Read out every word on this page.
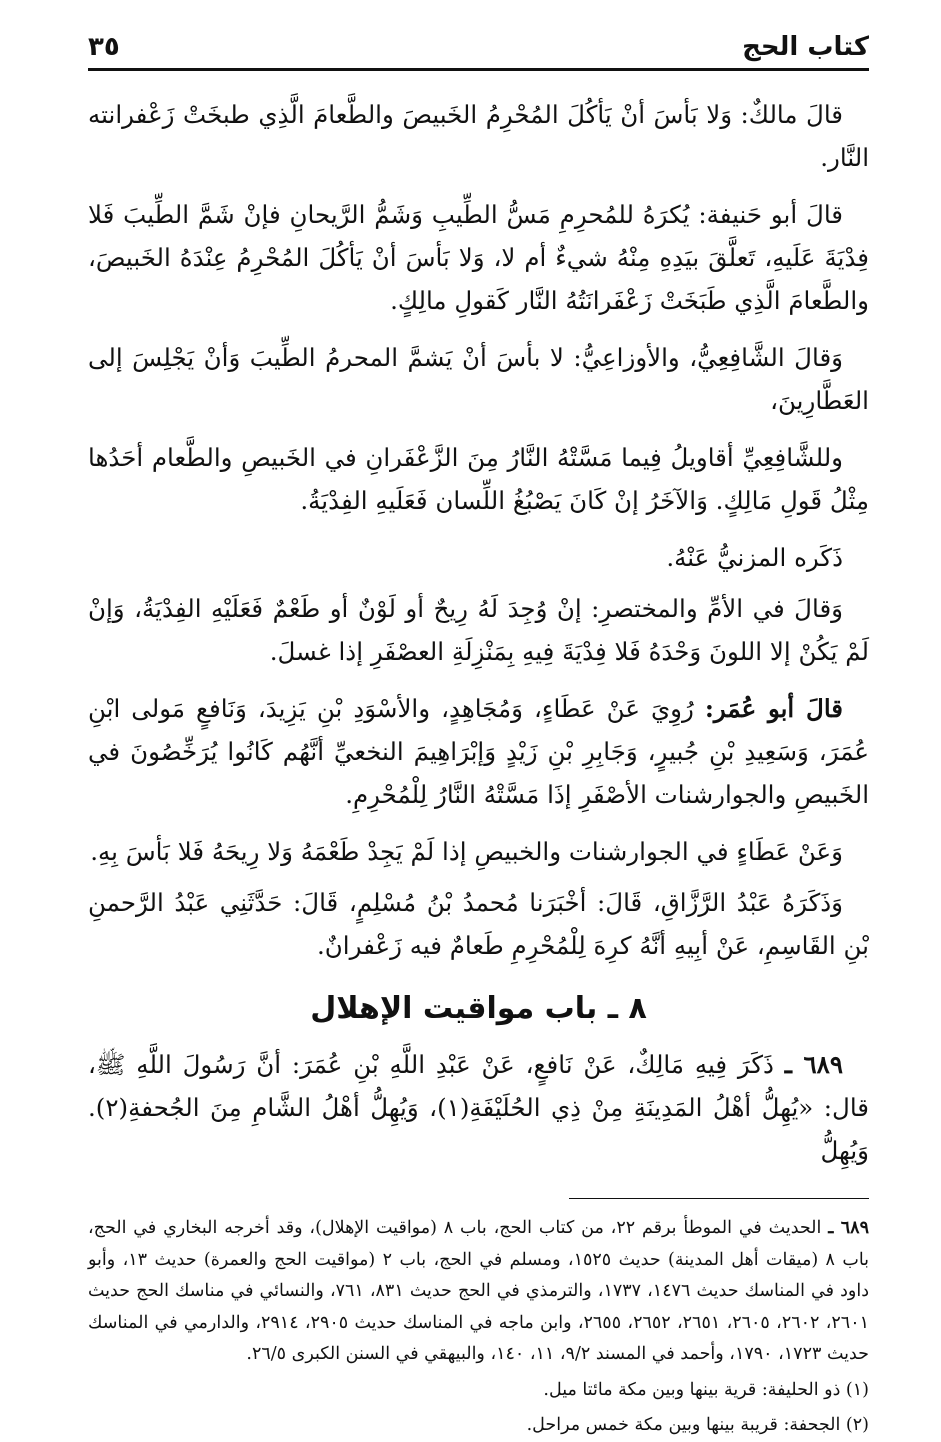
كتاب الحج
٣٥

قالَ مالكٌ: وَلا بَأسَ أنْ يَأكُلَ المُحْرِمُ الخَبيصَ والطَّعامَ الَّذِي طبخَتْ زَعْفرانته النَّار.

قالَ أبو حَنيفة: يُكرَهُ للمُحرِمِ مَسُّ الطِّيبِ وَشَمُّ الرَّيحانِ فإنْ شَمَّ الطِّيبَ فَلا فِدْيَةَ عَلَيهِ، تَعلَّقَ بيَدِهِ مِنْهُ شيءٌ أم لا، وَلا بَأسَ أنْ يَأكُلَ المُحْرِمُ عِنْدَهُ الخَبيصَ، والطَّعامَ الَّذِي طَبَخَتْ زَعْفَرانَتُهُ النَّار كَقولِ مالِكٍ.

وَقالَ الشَّافِعِيُّ، والأوزاعِيُّ: لا بأسَ أنْ يَشمَّ المحرمُ الطِّيبَ وَأنْ يَجْلِسَ إلى العَطَّارِينَ،

وللشَّافِعِيِّ أقاويلُ فِيما مَسَّتْهُ النَّارُ مِنَ الزَّعْفَرانِ في الخَبيصِ والطَّعام أحَدُها مِثْلُ قَولِ مَالِكٍ. وَالآخَرُ إنْ كَانَ يَصْبُغُ اللِّسان فَعَلَيهِ الفِدْيَةُ.

ذَكَره المزنيُّ عَنْهُ.

وَقالَ في الأمِّ والمختصرِ: إنْ وُجِدَ لَهُ رِيحٌ أو لَوْنٌ أو طَعْمٌ فَعَلَيْهِ الفِدْيَةُ، وَإنْ لَمْ يَكُنْ إلا اللونَ وَحْدَهُ فَلا فِدْيَةَ فِيهِ بِمَنْزِلَةِ العصْفَرِ إذا غسلَ.

قالَ أبو عُمَر: رُوِيَ عَنْ عَطَاءٍ، وَمُجَاهِدٍ، والأسْوَدِ بْنِ يَزِيدَ، وَنَافعٍ مَولى ابْنِ عُمَرَ، وَسَعِيدِ بْنِ جُبيرٍ، وَجَابِرِ بْنِ زَيْدٍ وَإبْرَاهِيمَ النخعيِّ أنَّهُم كَانُوا يُرَخِّصُونَ في الخَبيصِ والجوارشنات الأصْفَرِ إذَا مَسَّتْهُ النَّارُ لِلْمُحْرِمِ.

وَعَنْ عَطَاءٍ في الجوارشنات والخبيصِ إذا لَمْ يَجِدْ طَعْمَهُ وَلا رِيحَهُ فَلا بَأسَ بِهِ.

وَذَكَرَهُ عَبْدُ الرَّزَّاقِ، قَالَ: أخْبَرَنا مُحمدُ بْنُ مُسْلِمٍ، قَالَ: حَدَّثَنِي عَبْدُ الرَّحمنِ بْنِ القَاسِمِ، عَنْ أبِيهِ أنَّهُ كرِهَ لِلْمُحْرِمِ طَعامٌ فيه زَعْفرانٌ.

٨ ـ باب مواقيت الإهلال

٦٨٩ ـ ذَكَرَ فِيهِ مَالِكٌ، عَنْ نَافعٍ، عَنْ عَبْدِ اللَّهِ بْنِ عُمَرَ: أنَّ رَسُولَ اللَّهِ ﷺ، قال: «يُهِلُّ أهْلُ المَدِينَةِ مِنْ ذِي الحُلَيْفَةِ(١)، وَيُهِلُّ أهْلُ الشَّامِ مِنَ الجُحفةِ(٢). وَيُهِلُّ

٦٨٩ ـ الحديث في الموطأ برقم ٢٢، من كتاب الحج، باب ٨ (مواقيت الإهلال)، وقد أخرجه البخاري في الحج، باب ٨ (ميقات أهل المدينة) حديث ١٥٢٥، ومسلم في الحج، باب ٢ (مواقيت الحج والعمرة) حديث ١٣، وأبو داود في المناسك حديث ١٤٧٦، ١٧٣٧، والترمذي في الحج حديث ٨٣١، ٧٦١، والنسائي في مناسك الحج حديث ٢٦٠١، ٢٦٠٢، ٢٦٠٥، ٢٦٥١، ٢٦٥٢، ٢٦٥٥، وابن ماجه في المناسك حديث ٢٩٠٥، ٢٩١٤، والدارمي في المناسك حديث ١٧٢٣، ١٧٩٠، وأحمد في المسند ٩/٢، ١١، ١٤٠، والبيهقي في السنن الكبرى ٢٦/٥.

(١) ذو الحليفة: قرية بينها وبين مكة مائتا ميل.

(٢) الجحفة: قريبة بينها وبين مكة خمس مراحل.
